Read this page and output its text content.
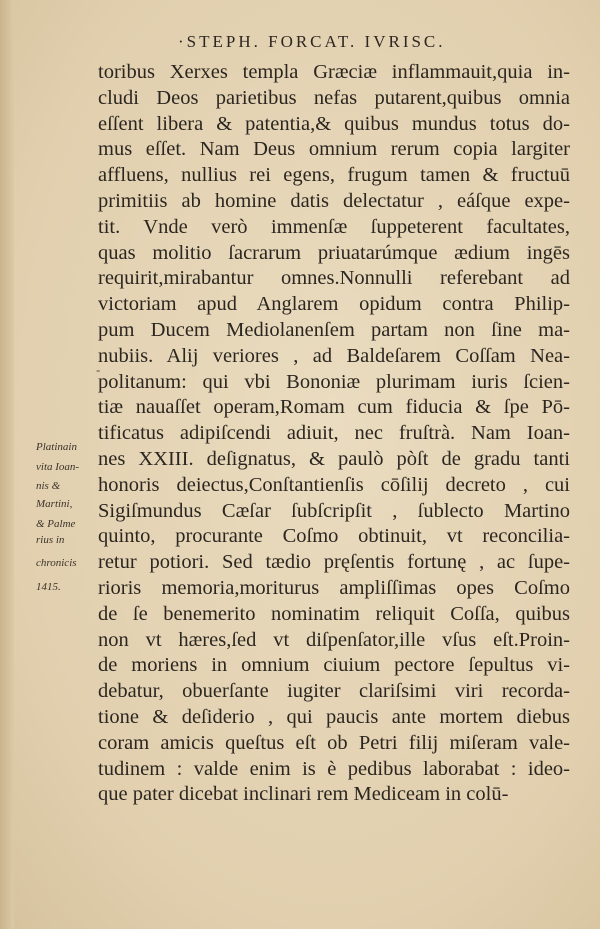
·STEPH. FORCAT. IVRISC.
toribus Xerxes templa Græciæ inflammauit,quia in-
cludi Deos parietibus nefas putarent,quibus omnia
eſſent libera & patentia,& quibus mundus totus do-
mus eſſet. Nam Deus omnium rerum copia largiter
affluens, nullius rei egens, frugum tamen & fructuū
primitiis ab homine datis delectatur , eáſque expe-
tit. Vnde verò immenſæ ſuppeterent facultates,
quas molitio ſacrarum priuatarúmque ædium ingēs
requirit,mirabantur omnes.Nonnulli referebant ad
victoriam apud Anglarem opidum contra Philip-
pum Ducem Mediolanenſem partam non ſine ma-
nubiis. Alij veriores , ad Baldeſarem Coſſam Nea-
politanum: qui vbi Bononiæ plurimam iuris ſcien-
tiæ nauaſſet operam,Romam cum fiducia & ſpe Pō-
tificatus adipiſcendi adiuit, nec fruſtrà. Nam Ioan-
nes XXIII. deſignatus, & paulò pòſt de gradu tanti
honoris deiectus,Conſtantienſis cōſilij decreto , cui
Sigiſmundus Cæſar ſubſcripſit , ſublecto Martino
quinto, procurante Coſmo obtinuit, vt reconcilia-
retur potiori. Sed tædio pręſentis fortunę , ac ſupe-
rioris memoria,moriturus ampliſſimas opes Coſmo
de ſe benemerito nominatim reliquit Coſſa, quibus
non vt hæres,ſed vt diſpenſator,ille vſus eſt.Proin-
de moriens in omnium ciuium pectore ſepultus vi-
debatur, obuerſante iugiter clariſsimi viri recorda-
tione & deſiderio , qui paucis ante mortem diebus
coram amicis queſtus eſt ob Petri filij miſeram vale-
tudinem : valde enim is è pedibus laborabat : ideo-
que pater dicebat inclinari rem Mediceam in colū-
-
Platinain
vita Ioan-
nis &
Martini,
& Palme
rius in
chronicis
1415.
